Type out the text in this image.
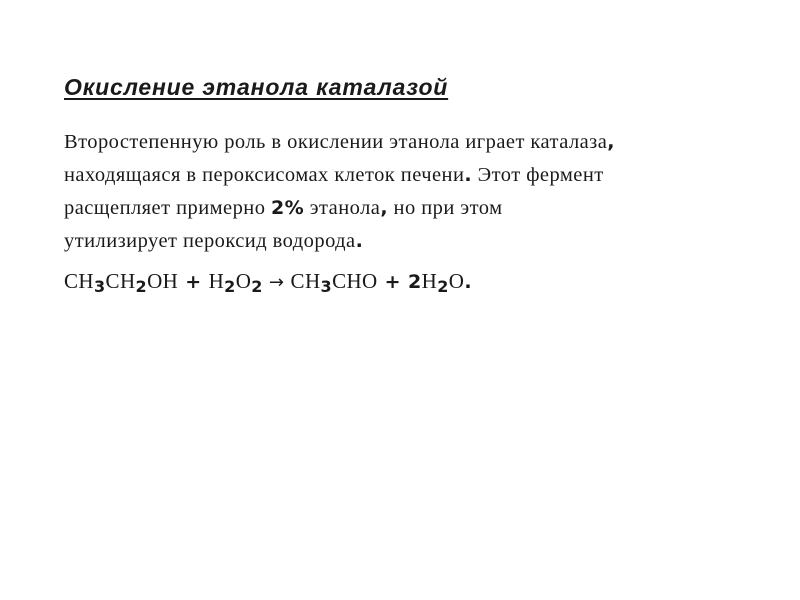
Окисление этанола каталазой
Второстепенную роль в окислении этанола играет каталаза,
находящаяся в пероксисомах клеток печени. Этот фермент
расщепляет примерно 2% этанола, но при этом
утилизирует пероксид водорода.
$CH_3CH_2OH + H_2O_2 \to CH_3CHO + 2H_2O$.
